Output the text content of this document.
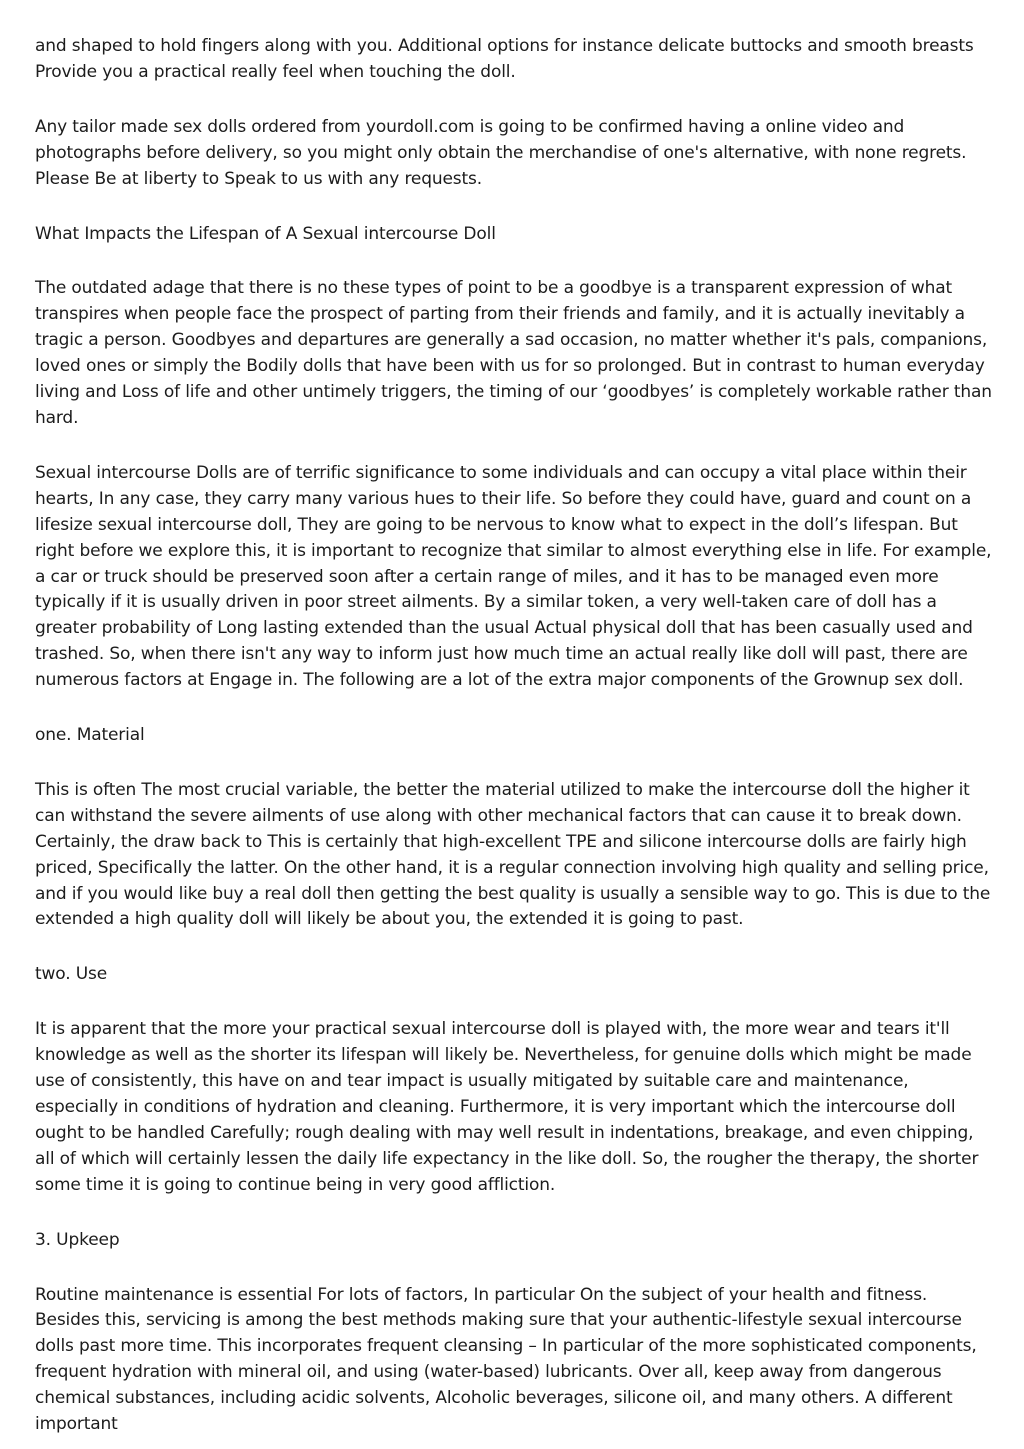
and shaped to hold fingers along with you. Additional options for instance delicate buttocks and smooth breasts Provide you a practical really feel when touching the doll.

Any tailor made sex dolls ordered from yourdoll.com is going to be confirmed having a online video and photographs before delivery, so you might only obtain the merchandise of one's alternative, with none regrets. Please Be at liberty to Speak to us with any requests.

What Impacts the Lifespan of A Sexual intercourse Doll

The outdated adage that there is no these types of point to be a goodbye is a transparent expression of what transpires when people face the prospect of parting from their friends and family, and it is actually inevitably a tragic a person. Goodbyes and departures are generally a sad occasion, no matter whether it's pals, companions, loved ones or simply the Bodily dolls that have been with us for so prolonged. But in contrast to human everyday living and Loss of life and other untimely triggers, the timing of our ‘goodbyes’ is completely workable rather than hard.

Sexual intercourse Dolls are of terrific significance to some individuals and can occupy a vital place within their hearts, In any case, they carry many various hues to their life. So before they could have, guard and count on a lifesize sexual intercourse doll, They are going to be nervous to know what to expect in the doll’s lifespan. But right before we explore this, it is important to recognize that similar to almost everything else in life. For example, a car or truck should be preserved soon after a certain range of miles, and it has to be managed even more typically if it is usually driven in poor street ailments. By a similar token, a very well-taken care of doll has a greater probability of Long lasting extended than the usual Actual physical doll that has been casually used and trashed. So, when there isn't any way to inform just how much time an actual really like doll will past, there are numerous factors at Engage in. The following are a lot of the extra major components of the Grownup sex doll.

one. Material

This is often The most crucial variable, the better the material utilized to make the intercourse doll the higher it can withstand the severe ailments of use along with other mechanical factors that can cause it to break down. Certainly, the draw back to This is certainly that high-excellent TPE and silicone intercourse dolls are fairly high priced, Specifically the latter. On the other hand, it is a regular connection involving high quality and selling price, and if you would like buy a real doll then getting the best quality is usually a sensible way to go. This is due to the extended a high quality doll will likely be about you, the extended it is going to past.

two. Use

It is apparent that the more your practical sexual intercourse doll is played with, the more wear and tears it'll knowledge as well as the shorter its lifespan will likely be. Nevertheless, for genuine dolls which might be made use of consistently, this have on and tear impact is usually mitigated by suitable care and maintenance, especially in conditions of hydration and cleaning. Furthermore, it is very important which the intercourse doll ought to be handled Carefully; rough dealing with may well result in indentations, breakage, and even chipping, all of which will certainly lessen the daily life expectancy in the like doll. So, the rougher the therapy, the shorter some time it is going to continue being in very good affliction.

3. Upkeep

Routine maintenance is essential For lots of factors, In particular On the subject of your health and fitness. Besides this, servicing is among the best methods making sure that your authentic-lifestyle sexual intercourse dolls past more time. This incorporates frequent cleansing – In particular of the more sophisticated components, frequent hydration with mineral oil, and using (water-based) lubricants. Over all, keep away from dangerous chemical substances, including acidic solvents, Alcoholic beverages, silicone oil, and many others. A different important
